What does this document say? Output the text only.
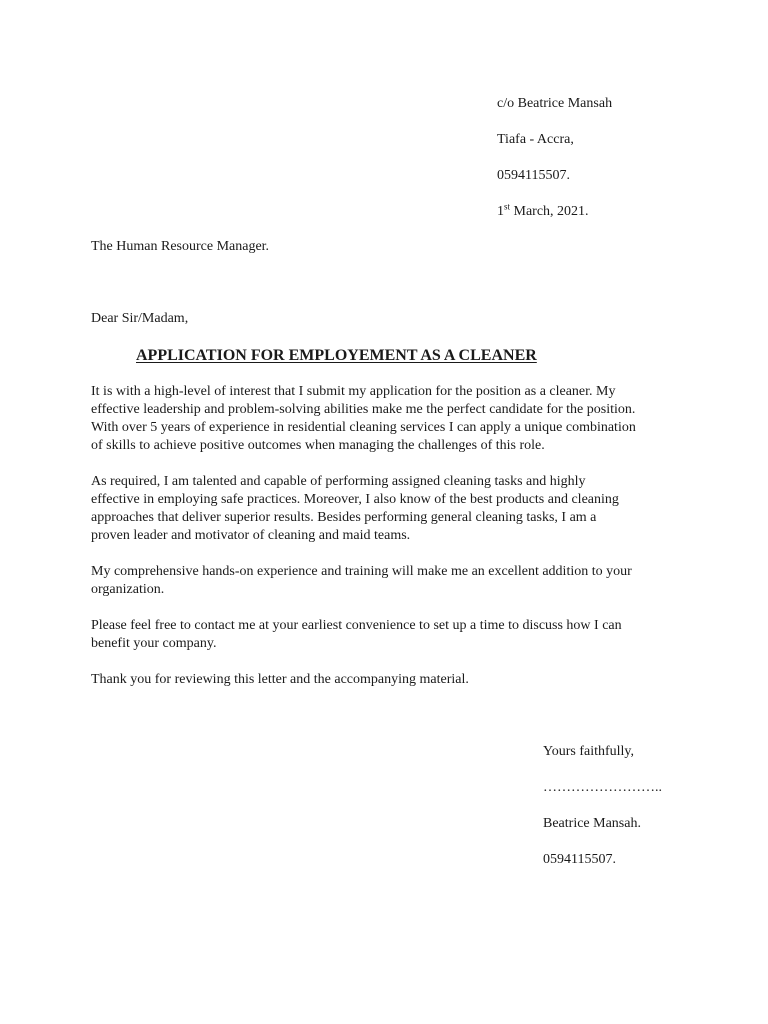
c/o Beatrice Mansah
Tiafa - Accra,
0594115507.
1st March, 2021.
The Human Resource Manager.
Dear Sir/Madam,
APPLICATION FOR EMPLOYEMENT AS A CLEANER
It is with a high-level of interest that I submit my application for the position as a cleaner. My
effective leadership and problem-solving abilities make me the perfect candidate for the position.
With over 5 years of experience in residential cleaning services I can apply a unique combination
of skills to achieve positive outcomes when managing the challenges of this role.
As required, I am talented and capable of performing assigned cleaning tasks and highly
effective in employing safe practices. Moreover, I also know of the best products and cleaning
approaches that deliver superior results. Besides performing general cleaning tasks, I am a
proven leader and motivator of cleaning and maid teams.
My comprehensive hands-on experience and training will make me an excellent addition to your
organization.
Please feel free to contact me at your earliest convenience to set up a time to discuss how I can
benefit your company.
Thank you for reviewing this letter and the accompanying material.
Yours faithfully,
……………………..
Beatrice Mansah.
0594115507.
